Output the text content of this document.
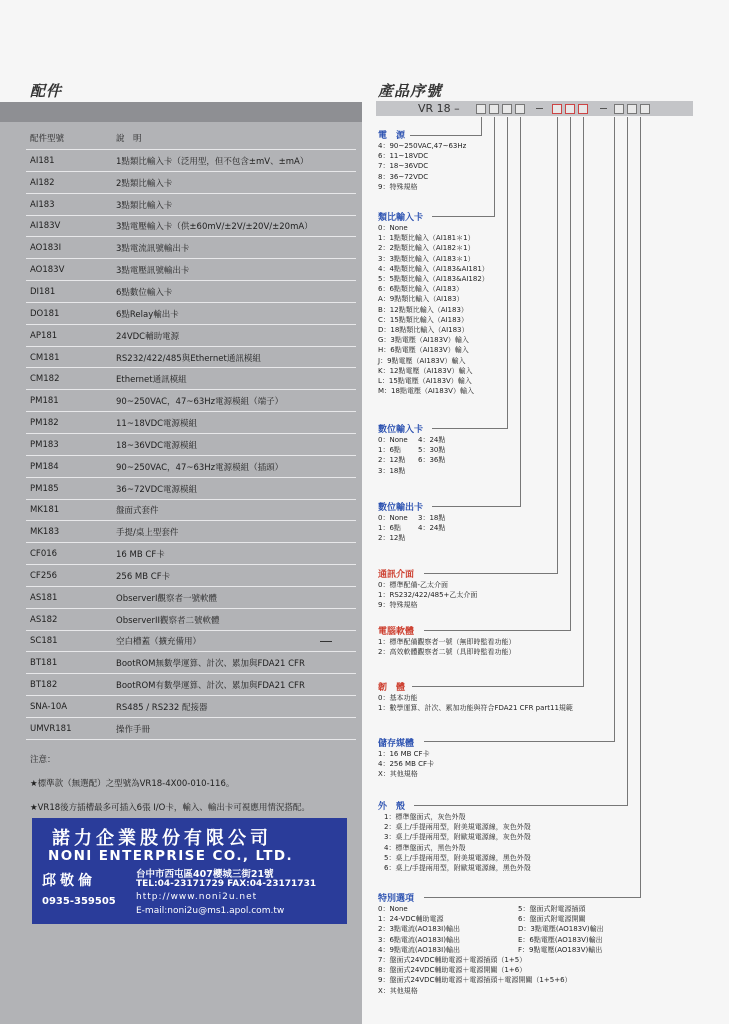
配件
配件型號	說　明
AI181	1點類比輸入卡（泛用型，但不包含±mV、±mA）
AI182	2點類比輸入卡
AI183	3點類比輸入卡
AI183V	3點電壓輸入卡（供±60mV/±2V/±20V/±20mA）
AO183I	3點電流訊號輸出卡
AO183V	3點電壓訊號輸出卡
DI181	6點數位輸入卡
DO181	6點Relay輸出卡
AP181	24VDC輔助電源
CM181	RS232/422/485與Ethernet通訊模組
CM182	Ethernet通訊模組
PM181	90~250VAC，47~63Hz電源模組（端子）
PM182	11~18VDC電源模組
PM183	18~36VDC電源模組
PM184	90~250VAC，47~63Hz電源模組（插頭）
PM185	36~72VDC電源模組
MK181	盤面式套件
MK183	手提/桌上型套件
CF016	16 MB CF卡
CF256	256 MB CF卡
AS181	ObserverI觀察者一號軟體
AS182	ObserverII觀察者二號軟體
SC181	空白槽蓋（擴充備用）
BT181	BootROM無數學運算、計次、累加與FDA21 CFR
BT182	BootROM有數學運算、計次、累加與FDA21 CFR
SNA-10A	RS485 / RS232 配接器
UMVR181	操作手冊
注意：
★標準款（無選配）之型號為VR18-4X00-010-116。
★VR18後方插槽最多可插入6張 I/O卡，輸入、輸出卡可視應用情況搭配。
諾力企業股份有限公司
NONI ENTERPRISE CO., LTD.
邱敬倫
0935-359505
台中市西屯區407櫻城三街21號
TEL:04-23171729 FAX:04-23171731
http://www.noni2u.net
E-mail:noni2u@ms1.apol.com.tw
產品序號
VR 18 –
電　源
4：90~250VAC,47~63Hz
6：11~18VDC
7：18~36VDC
8：36~72VDC
9：特殊規格
類比輸入卡
0：None
1：1點類比輸入（AI181＊1）
2：2點類比輸入（AI182＊1）
3：3點類比輸入（AI183＊1）
4：4點類比輸入（AI183&AI181）
5：5點類比輸入（AI183&AI182）
6：6點類比輸入（AI183）
A：9點類比輸入（AI183）
B：12點類比輸入（AI183）
C：15點類比輸入（AI183）
D：18點類比輸入（AI183）
G：3點電壓（AI183V）輸入
H：6點電壓（AI183V）輸入
J：9點電壓（AI183V）輸入
K：12點電壓（AI183V）輸入
L：15點電壓（AI183V）輸入
M：18點電壓（AI183V）輸入
數位輸入卡
0：None	4：24點
1：6點	5：30點
2：12點	6：36點
3：18點
數位輸出卡
0：None	3：18點
1：6點	4：24點
2：12點
通訊介面
0：標準配備-乙太介面
1：RS232/422/485+乙太介面
9：特殊規格
電腦軟體
1：標準配備觀察者一號（無即時監看功能）
2：高效軟體觀察者二號（具即時監看功能）
韌　體
0：基本功能
1：數學運算、計次、累加功能與符合FDA21 CFR part11規範
儲存媒體
1：16 MB CF卡
4：256 MB CF卡
X：其他規格
外　殼
1：標準盤面式，灰色外殼
2：桌上/手提兩用型，附美規電源線，灰色外殼
3：桌上/手提兩用型，附歐規電源線，灰色外殼
4：標準盤面式，黑色外殼
5：桌上/手提兩用型，附美規電源線，黑色外殼
6：桌上/手提兩用型，附歐規電源線，黑色外殼
特別選項
0：None	5：盤面式附電源插頭
1：24-VDC輔助電源	6：盤面式附電源開關
2：3點電流(AO183I)輸出	D：3點電壓(AO183V)輸出
3：6點電流(AO183I)輸出	E：6點電壓(AO183V)輸出
4：9點電流(AO183I)輸出	F：9點電壓(AO183V)輸出
7：盤面式24VDC輔助電源＋電源插頭（1+5）
8：盤面式24VDC輔助電源＋電源開關（1+6）
9：盤面式24VDC輔助電源＋電源插頭＋電源開關（1+5+6）
X：其他規格
